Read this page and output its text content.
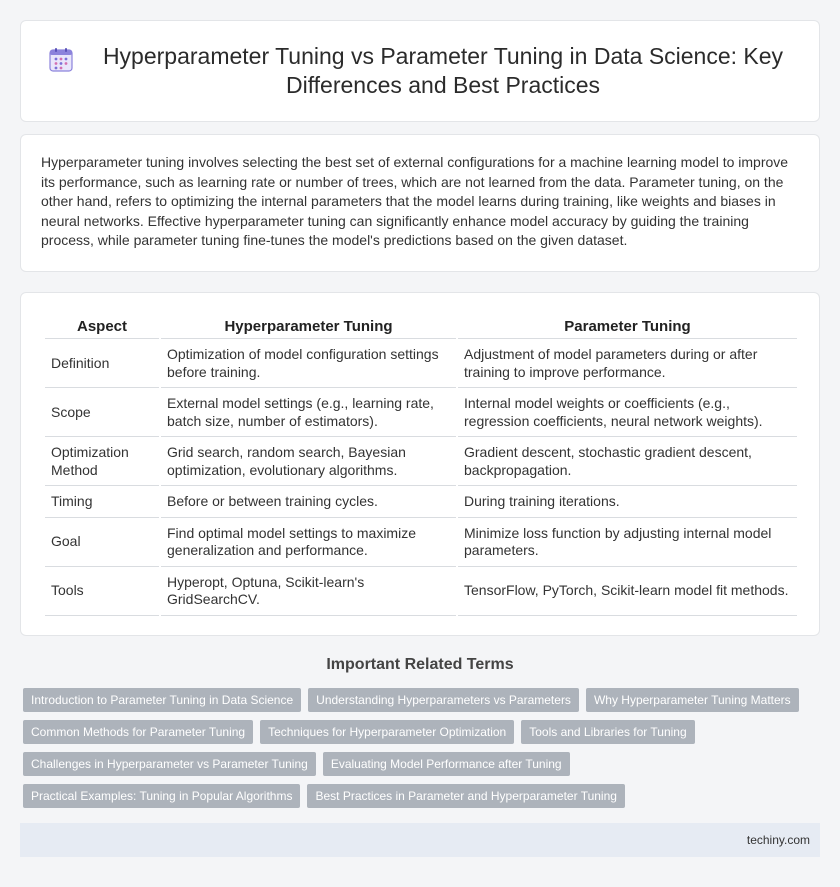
Hyperparameter Tuning vs Parameter Tuning in Data Science: Key Differences and Best Practices

Hyperparameter tuning involves selecting the best set of external configurations for a machine learning model to improve its performance, such as learning rate or number of trees, which are not learned from the data. Parameter tuning, on the other hand, refers to optimizing the internal parameters that the model learns during training, like weights and biases in neural networks. Effective hyperparameter tuning can significantly enhance model accuracy by guiding the training process, while parameter tuning fine-tunes the model's predictions based on the given dataset.

Aspect	Hyperparameter Tuning	Parameter Tuning
Definition	Optimization of model configuration settings before training.	Adjustment of model parameters during or after training to improve performance.
Scope	External model settings (e.g., learning rate, batch size, number of estimators).	Internal model weights or coefficients (e.g., regression coefficients, neural network weights).
Optimization Method	Grid search, random search, Bayesian optimization, evolutionary algorithms.	Gradient descent, stochastic gradient descent, backpropagation.
Timing	Before or between training cycles.	During training iterations.
Goal	Find optimal model settings to maximize generalization and performance.	Minimize loss function by adjusting internal model parameters.
Tools	Hyperopt, Optuna, Scikit-learn's GridSearchCV.	TensorFlow, PyTorch, Scikit-learn model fit methods.
Important Related Terms
Introduction to Parameter Tuning in Data Science	Understanding Hyperparameters vs Parameters	Why Hyperparameter Tuning Matters
Common Methods for Parameter Tuning	Techniques for Hyperparameter Optimization	Tools and Libraries for Tuning
Challenges in Hyperparameter vs Parameter Tuning	Evaluating Model Performance after Tuning
Practical Examples: Tuning in Popular Algorithms	Best Practices in Parameter and Hyperparameter Tuning
techiny.com
